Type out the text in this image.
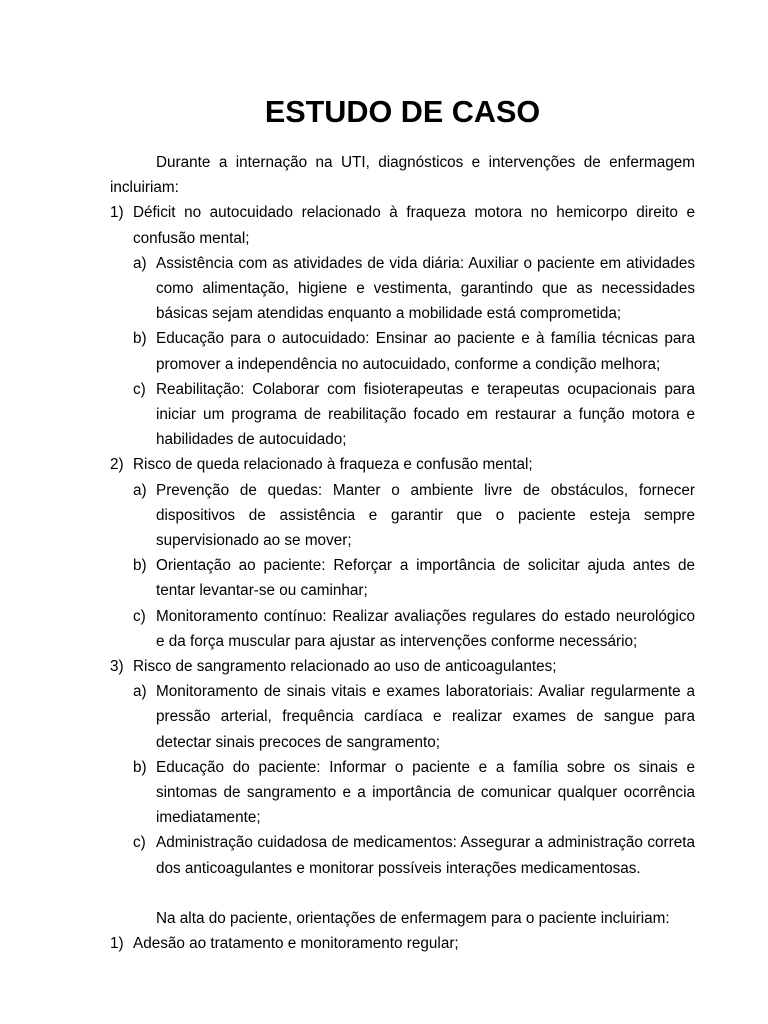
ESTUDO DE CASO

Durante a internação na UTI, diagnósticos e intervenções de enfermagem incluiriam:

1) Déficit no autocuidado relacionado à fraqueza motora no hemicorpo direito e confusão mental;
a) Assistência com as atividades de vida diária: Auxiliar o paciente em atividades como alimentação, higiene e vestimenta, garantindo que as necessidades básicas sejam atendidas enquanto a mobilidade está comprometida;
b) Educação para o autocuidado: Ensinar ao paciente e à família técnicas para promover a independência no autocuidado, conforme a condição melhora;
c) Reabilitação: Colaborar com fisioterapeutas e terapeutas ocupacionais para iniciar um programa de reabilitação focado em restaurar a função motora e habilidades de autocuidado;
2) Risco de queda relacionado à fraqueza e confusão mental;
a) Prevenção de quedas: Manter o ambiente livre de obstáculos, fornecer dispositivos de assistência e garantir que o paciente esteja sempre supervisionado ao se mover;
b) Orientação ao paciente: Reforçar a importância de solicitar ajuda antes de tentar levantar-se ou caminhar;
c) Monitoramento contínuo: Realizar avaliações regulares do estado neurológico e da força muscular para ajustar as intervenções conforme necessário;
3) Risco de sangramento relacionado ao uso de anticoagulantes;
a) Monitoramento de sinais vitais e exames laboratoriais: Avaliar regularmente a pressão arterial, frequência cardíaca e realizar exames de sangue para detectar sinais precoces de sangramento;
b) Educação do paciente: Informar o paciente e a família sobre os sinais e sintomas de sangramento e a importância de comunicar qualquer ocorrência imediatamente;
c) Administração cuidadosa de medicamentos: Assegurar a administração correta dos anticoagulantes e monitorar possíveis interações medicamentosas.

Na alta do paciente, orientações de enfermagem para o paciente incluiriam:

1) Adesão ao tratamento e monitoramento regular;
